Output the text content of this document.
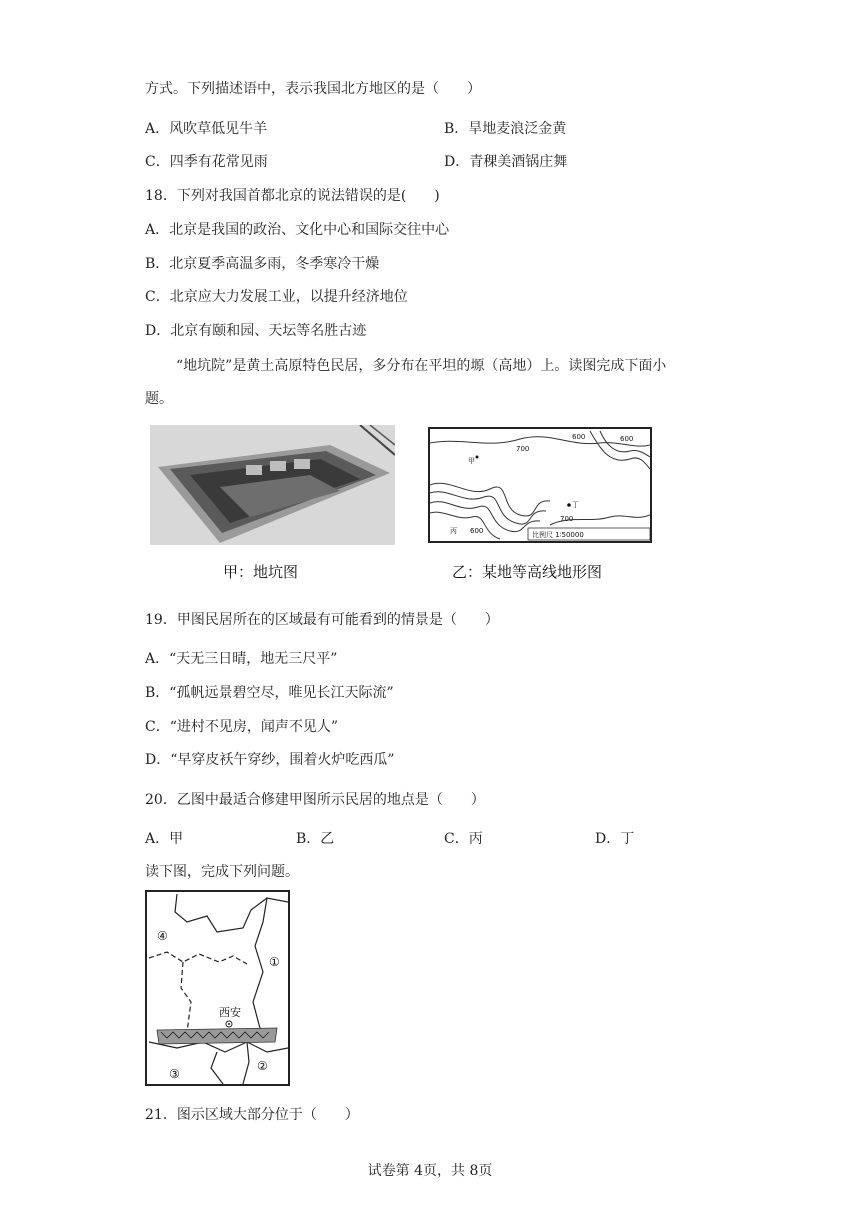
方式。下列描述语中，表示我国北方地区的是（　　）
A．风吹草低见牛羊	B．旱地麦浪泛金黄
C．四季有花常见雨	D．青稞美酒锅庄舞
18．下列对我国首都北京的说法错误的是(　　)
A．北京是我国的政治、文化中心和国际交往中心
B．北京夏季高温多雨，冬季寒冷干燥
C．北京应大力发展工业，以提升经济地位
D．北京有颐和园、天坛等名胜古迹
“地坑院”是黄土高原特色民居，多分布在平坦的塬（高地）上。读图完成下面小
题。
700
600	600
700
600
甲
丁
丙	比例尺 1∶50000
甲：地坑图	乙：某地等高线地形图
19．甲图民居所在的区域最有可能看到的情景是（　　）
A．“天无三日晴，地无三尺平”
B．“孤帆远景碧空尽，唯见长江天际流”
C．“进村不见房，闻声不见人”
D．“早穿皮袄午穿纱，围着火炉吃西瓜”
20．乙图中最适合修建甲图所示民居的地点是（　　）
A．甲	B．乙	C．丙	D．丁
读下图，完成下列问题。
西安
①
②
③
④
21．图示区域大部分位于（　　）
试卷第 4页，共 8页
